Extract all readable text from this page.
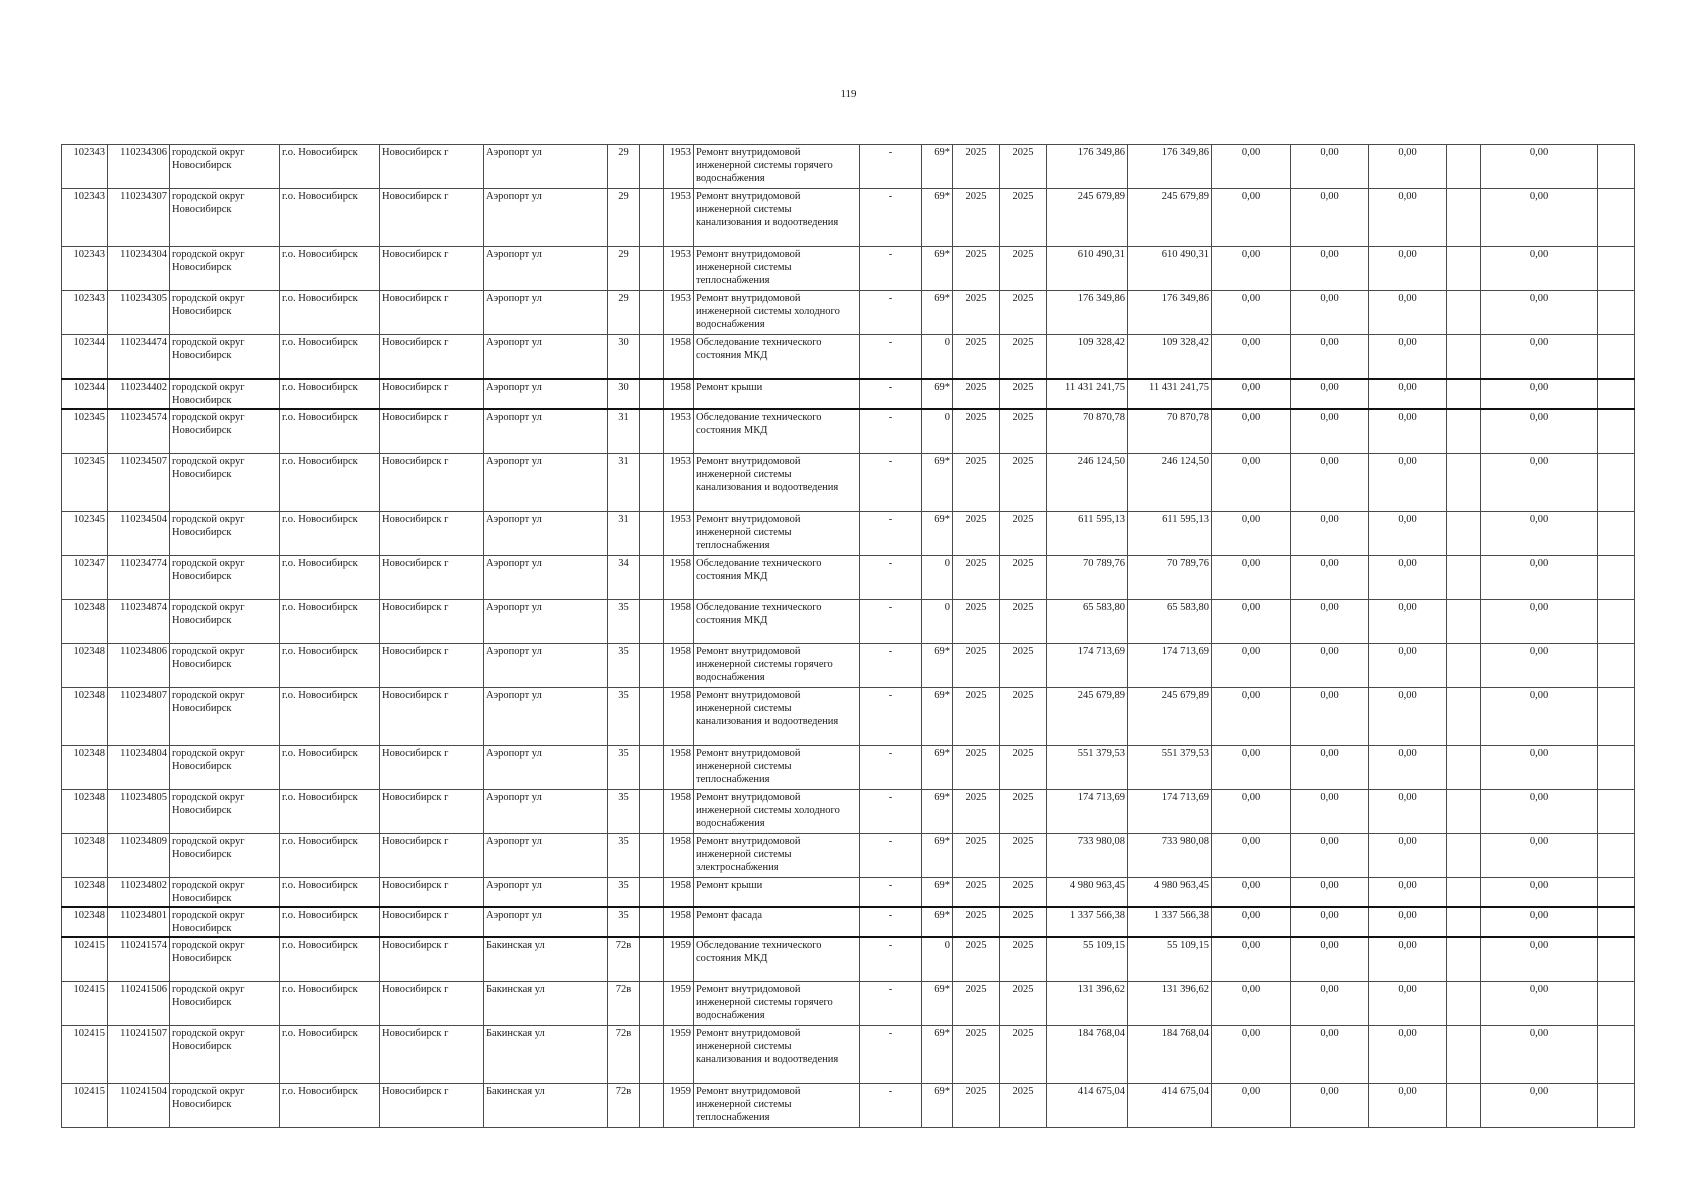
119
102343	110234306	городской округ Новосибирск	г.о. Новосибирск	Новосибирск г	Аэропорт ул	29		1953	Ремонт внутридомовой инженерной системы горячего водоснабжения	-	69*	2025	2025	176 349,86	176 349,86	0,00	0,00	0,00		0,00	
102343	110234307	городской округ Новосибирск	г.о. Новосибирск	Новосибирск г	Аэропорт ул	29		1953	Ремонт внутридомовой инженерной системы канализования и водоотведения	-	69*	2025	2025	245 679,89	245 679,89	0,00	0,00	0,00		0,00	
102343	110234304	городской округ Новосибирск	г.о. Новосибирск	Новосибирск г	Аэропорт ул	29		1953	Ремонт внутридомовой инженерной системы теплоснабжения	-	69*	2025	2025	610 490,31	610 490,31	0,00	0,00	0,00		0,00	
102343	110234305	городской округ Новосибирск	г.о. Новосибирск	Новосибирск г	Аэропорт ул	29		1953	Ремонт внутридомовой инженерной системы холодного водоснабжения	-	69*	2025	2025	176 349,86	176 349,86	0,00	0,00	0,00		0,00	
102344	110234474	городской округ Новосибирск	г.о. Новосибирск	Новосибирск г	Аэропорт ул	30		1958	Обследование технического состояния МКД	-	0	2025	2025	109 328,42	109 328,42	0,00	0,00	0,00		0,00	
102344	110234402	городской округ Новосибирск	г.о. Новосибирск	Новосибирск г	Аэропорт ул	30		1958	Ремонт крыши	-	69*	2025	2025	11 431 241,75	11 431 241,75	0,00	0,00	0,00		0,00	
102345	110234574	городской округ Новосибирск	г.о. Новосибирск	Новосибирск г	Аэропорт ул	31		1953	Обследование технического состояния МКД	-	0	2025	2025	70 870,78	70 870,78	0,00	0,00	0,00		0,00	
102345	110234507	городской округ Новосибирск	г.о. Новосибирск	Новосибирск г	Аэропорт ул	31		1953	Ремонт внутридомовой инженерной системы канализования и водоотведения	-	69*	2025	2025	246 124,50	246 124,50	0,00	0,00	0,00		0,00	
102345	110234504	городской округ Новосибирск	г.о. Новосибирск	Новосибирск г	Аэропорт ул	31		1953	Ремонт внутридомовой инженерной системы теплоснабжения	-	69*	2025	2025	611 595,13	611 595,13	0,00	0,00	0,00		0,00	
102347	110234774	городской округ Новосибирск	г.о. Новосибирск	Новосибирск г	Аэропорт ул	34		1958	Обследование технического состояния МКД	-	0	2025	2025	70 789,76	70 789,76	0,00	0,00	0,00		0,00	
102348	110234874	городской округ Новосибирск	г.о. Новосибирск	Новосибирск г	Аэропорт ул	35		1958	Обследование технического состояния МКД	-	0	2025	2025	65 583,80	65 583,80	0,00	0,00	0,00		0,00	
102348	110234806	городской округ Новосибирск	г.о. Новосибирск	Новосибирск г	Аэропорт ул	35		1958	Ремонт внутридомовой инженерной системы горячего водоснабжения	-	69*	2025	2025	174 713,69	174 713,69	0,00	0,00	0,00		0,00	
102348	110234807	городской округ Новосибирск	г.о. Новосибирск	Новосибирск г	Аэропорт ул	35		1958	Ремонт внутридомовой инженерной системы канализования и водоотведения	-	69*	2025	2025	245 679,89	245 679,89	0,00	0,00	0,00		0,00	
102348	110234804	городской округ Новосибирск	г.о. Новосибирск	Новосибирск г	Аэропорт ул	35		1958	Ремонт внутридомовой инженерной системы теплоснабжения	-	69*	2025	2025	551 379,53	551 379,53	0,00	0,00	0,00		0,00	
102348	110234805	городской округ Новосибирск	г.о. Новосибирск	Новосибирск г	Аэропорт ул	35		1958	Ремонт внутридомовой инженерной системы холодного водоснабжения	-	69*	2025	2025	174 713,69	174 713,69	0,00	0,00	0,00		0,00	
102348	110234809	городской округ Новосибирск	г.о. Новосибирск	Новосибирск г	Аэропорт ул	35		1958	Ремонт внутридомовой инженерной системы электроснабжения	-	69*	2025	2025	733 980,08	733 980,08	0,00	0,00	0,00		0,00	
102348	110234802	городской округ Новосибирск	г.о. Новосибирск	Новосибирск г	Аэропорт ул	35		1958	Ремонт крыши	-	69*	2025	2025	4 980 963,45	4 980 963,45	0,00	0,00	0,00		0,00	
102348	110234801	городской округ Новосибирск	г.о. Новосибирск	Новосибирск г	Аэропорт ул	35		1958	Ремонт фасада	-	69*	2025	2025	1 337 566,38	1 337 566,38	0,00	0,00	0,00		0,00	
102415	110241574	городской округ Новосибирск	г.о. Новосибирск	Новосибирск г	Бакинская ул	72в		1959	Обследование технического состояния МКД	-	0	2025	2025	55 109,15	55 109,15	0,00	0,00	0,00		0,00	
102415	110241506	городской округ Новосибирск	г.о. Новосибирск	Новосибирск г	Бакинская ул	72в		1959	Ремонт внутридомовой инженерной системы горячего водоснабжения	-	69*	2025	2025	131 396,62	131 396,62	0,00	0,00	0,00		0,00	
102415	110241507	городской округ Новосибирск	г.о. Новосибирск	Новосибирск г	Бакинская ул	72в		1959	Ремонт внутридомовой инженерной системы канализования и водоотведения	-	69*	2025	2025	184 768,04	184 768,04	0,00	0,00	0,00		0,00	
102415	110241504	городской округ Новосибирск	г.о. Новосибирск	Новосибирск г	Бакинская ул	72в		1959	Ремонт внутридомовой инженерной системы теплоснабжения	-	69*	2025	2025	414 675,04	414 675,04	0,00	0,00	0,00		0,00	
